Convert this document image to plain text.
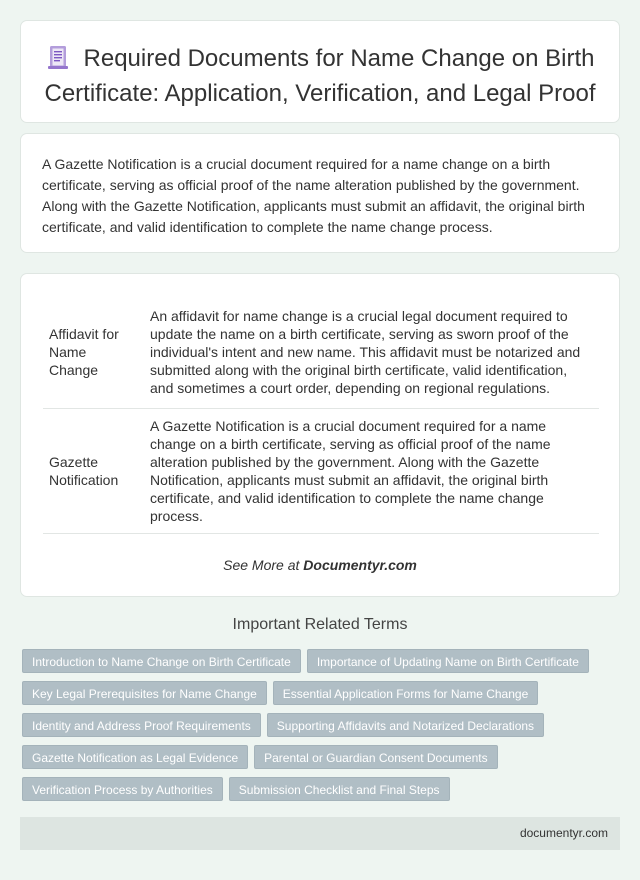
Required Documents for Name Change on Birth Certificate: Application, Verification, and Legal Proof

A Gazette Notification is a crucial document required for a name change on a birth certificate, serving as official proof of the name alteration published by the government. Along with the Gazette Notification, applicants must submit an affidavit, the original birth certificate, and valid identification to complete the name change process.

Affidavit for Name Change	An affidavit for name change is a crucial legal document required to update the name on a birth certificate, serving as sworn proof of the individual's intent and new name. This affidavit must be notarized and submitted along with the original birth certificate, valid identification, and sometimes a court order, depending on regional regulations.
Gazette Notification	A Gazette Notification is a crucial document required for a name change on a birth certificate, serving as official proof of the name alteration published by the government. Along with the Gazette Notification, applicants must submit an affidavit, the original birth certificate, and valid identification to complete the name change process.
See More at Documentyr.com
Important Related Terms
Introduction to Name Change on Birth Certificate Importance of Updating Name on Birth Certificate
Key Legal Prerequisites for Name Change Essential Application Forms for Name Change
Identity and Address Proof Requirements Supporting Affidavits and Notarized Declarations
Gazette Notification as Legal Evidence Parental or Guardian Consent Documents
Verification Process by Authorities Submission Checklist and Final Steps
documentyr.com
